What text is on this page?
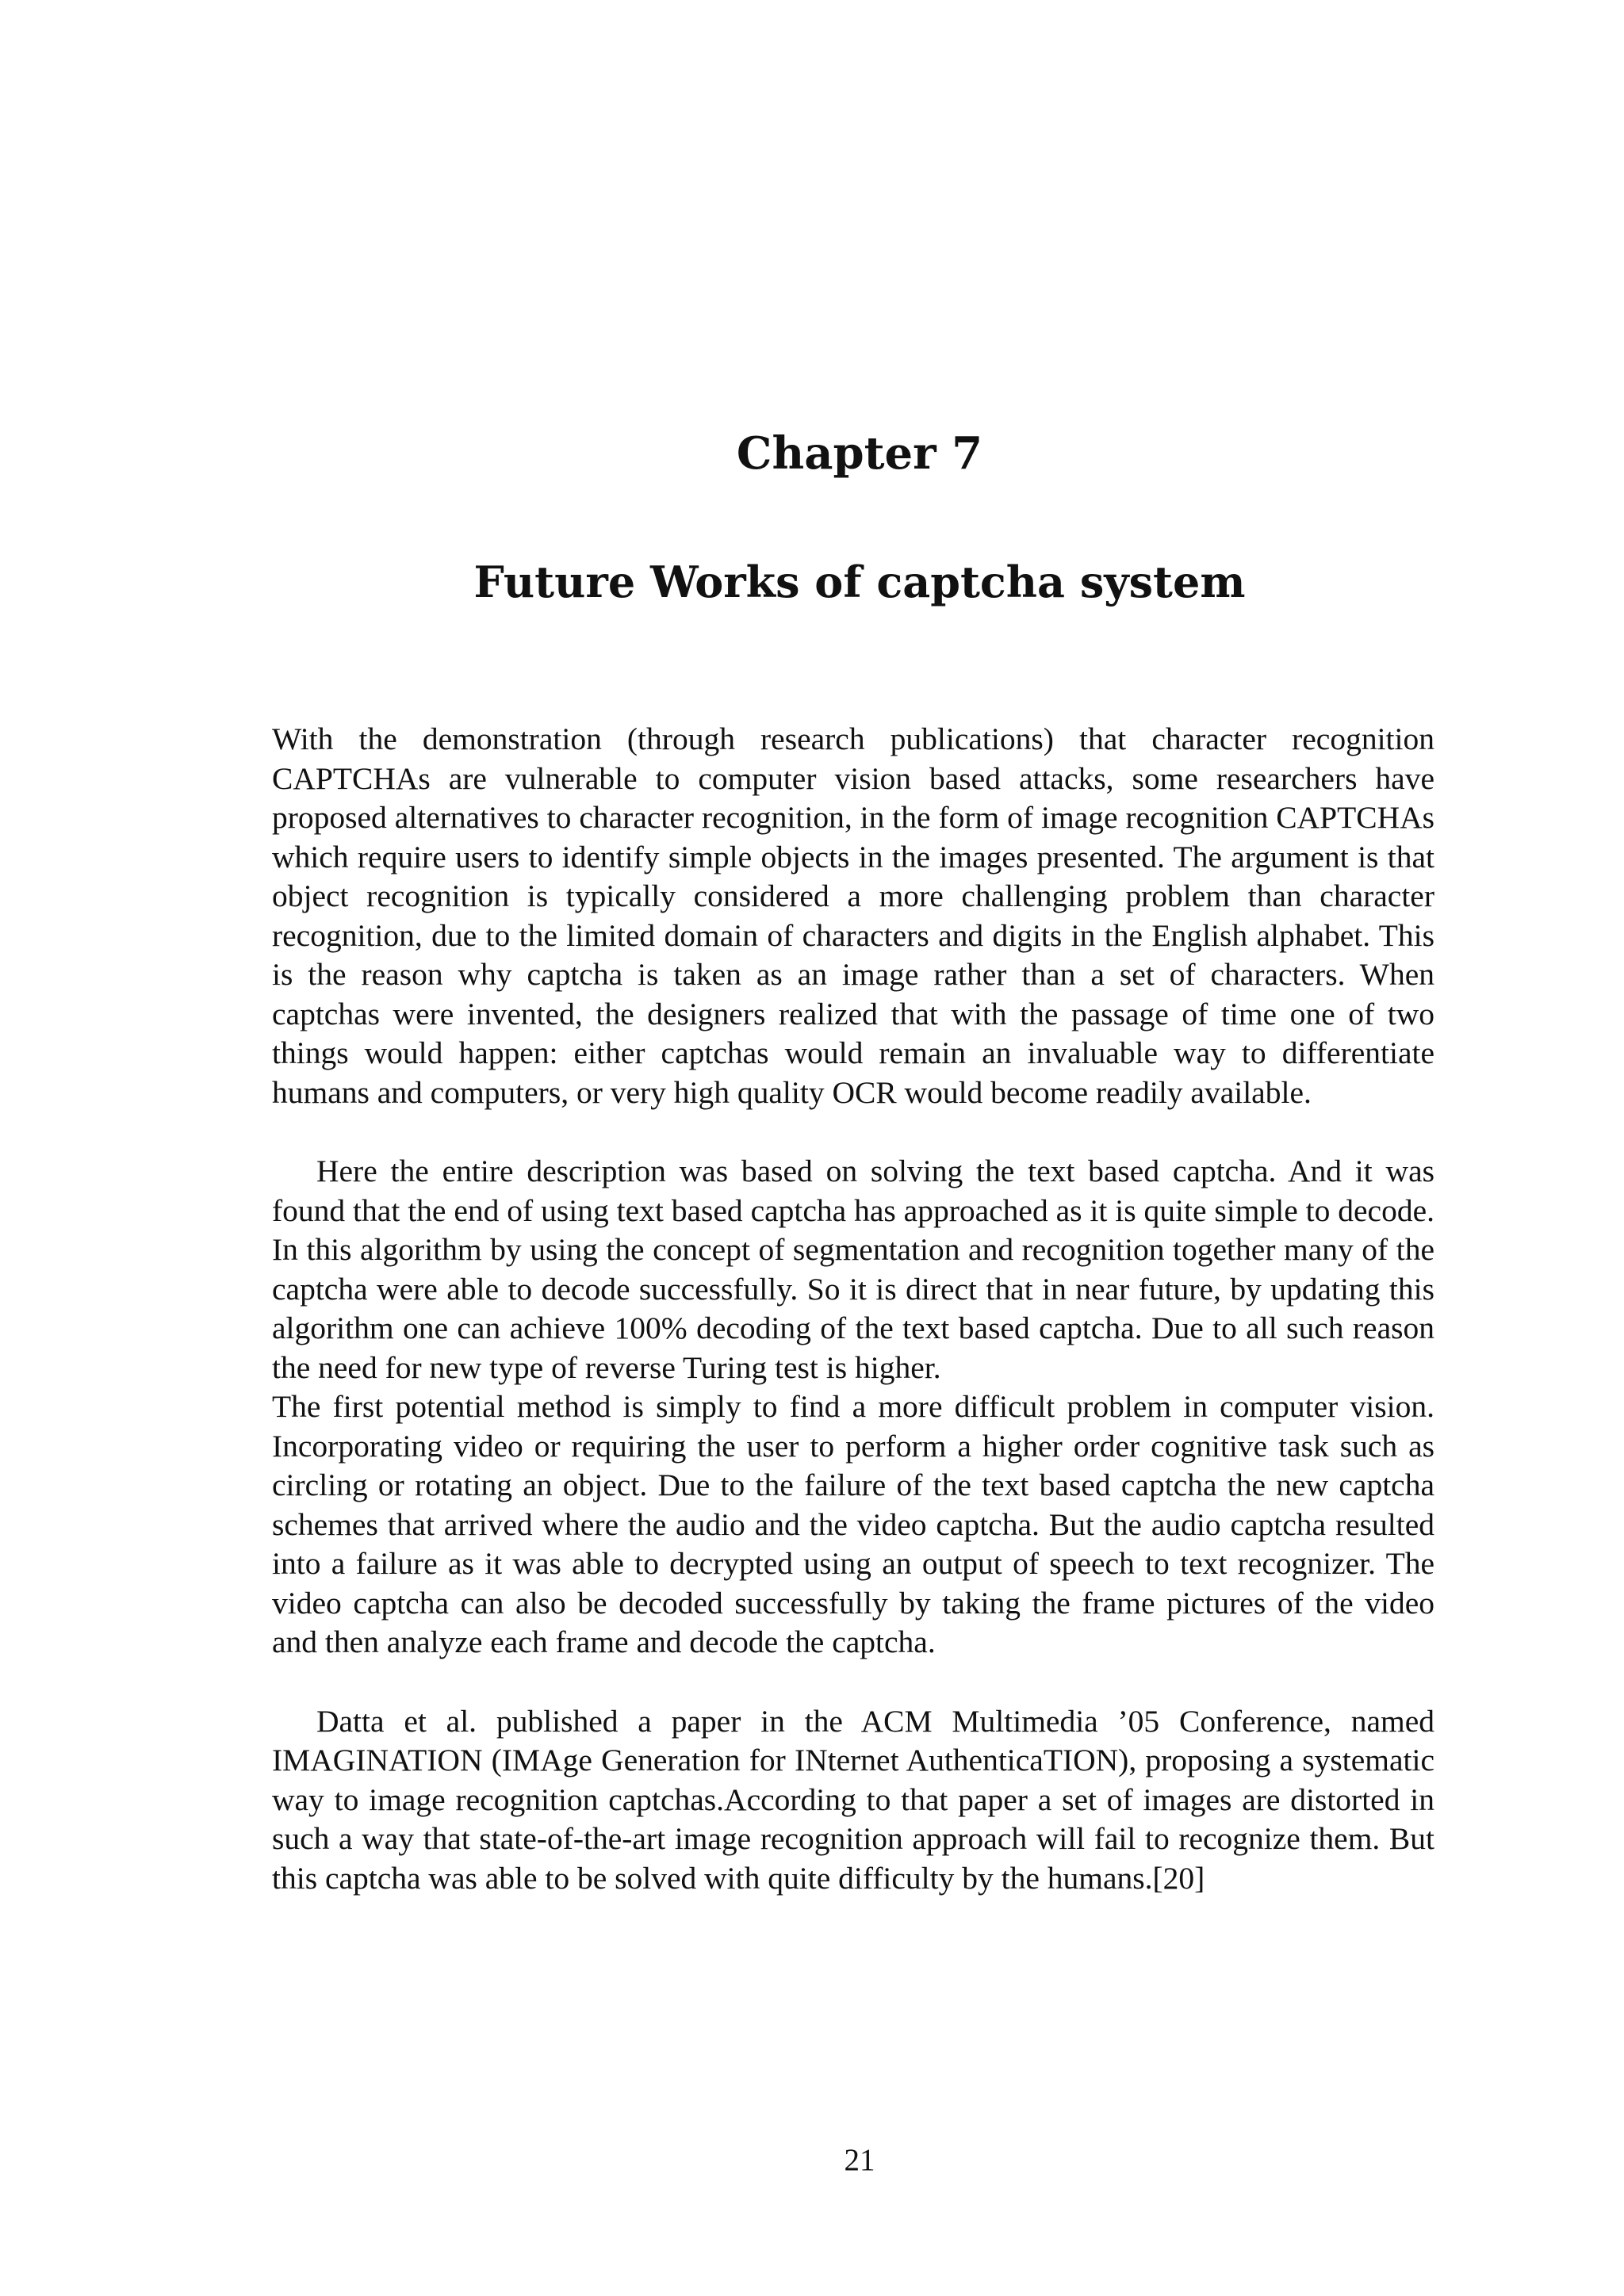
Chapter 7
Future Works of captcha system

With the demonstration (through research publications) that character recognition CAPTCHAs are vulnerable to computer vision based attacks, some researchers have proposed alternatives to character recognition, in the form of image recognition CAPTCHAs which require users to identify simple objects in the images presented. The argument is that object recognition is typically considered a more challenging problem than character recognition, due to the limited domain of characters and digits in the English alphabet. This is the reason why captcha is taken as an image rather than a set of characters. When captchas were invented, the designers realized that with the passage of time one of two things would happen: either captchas would remain an invaluable way to differentiate humans and computers, or very high quality OCR would become readily available.

Here the entire description was based on solving the text based captcha. And it was found that the end of using text based captcha has approached as it is quite simple to decode. In this algorithm by using the concept of segmentation and recognition together many of the captcha were able to decode successfully. So it is direct that in near future, by updating this algorithm one can achieve 100% decoding of the text based captcha. Due to all such reason the need for new type of reverse Turing test is higher.

The first potential method is simply to find a more difficult problem in computer vision. Incorporating video or requiring the user to perform a higher order cognitive task such as circling or rotating an object. Due to the failure of the text based captcha the new captcha schemes that arrived where the audio and the video captcha. But the audio captcha resulted into a failure as it was able to decrypted using an output of speech to text recognizer. The video captcha can also be decoded successfully by taking the frame pictures of the video and then analyze each frame and decode the captcha.

Datta et al. published a paper in the ACM Multimedia ’05 Conference, named IMAGINATION (IMAge Generation for INternet AuthenticaTION), proposing a systematic way to image recognition captchas.According to that paper a set of images are distorted in such a way that state-of-the-art image recognition approach will fail to recognize them. But this captcha was able to be solved with quite difficulty by the humans.[20]

21
